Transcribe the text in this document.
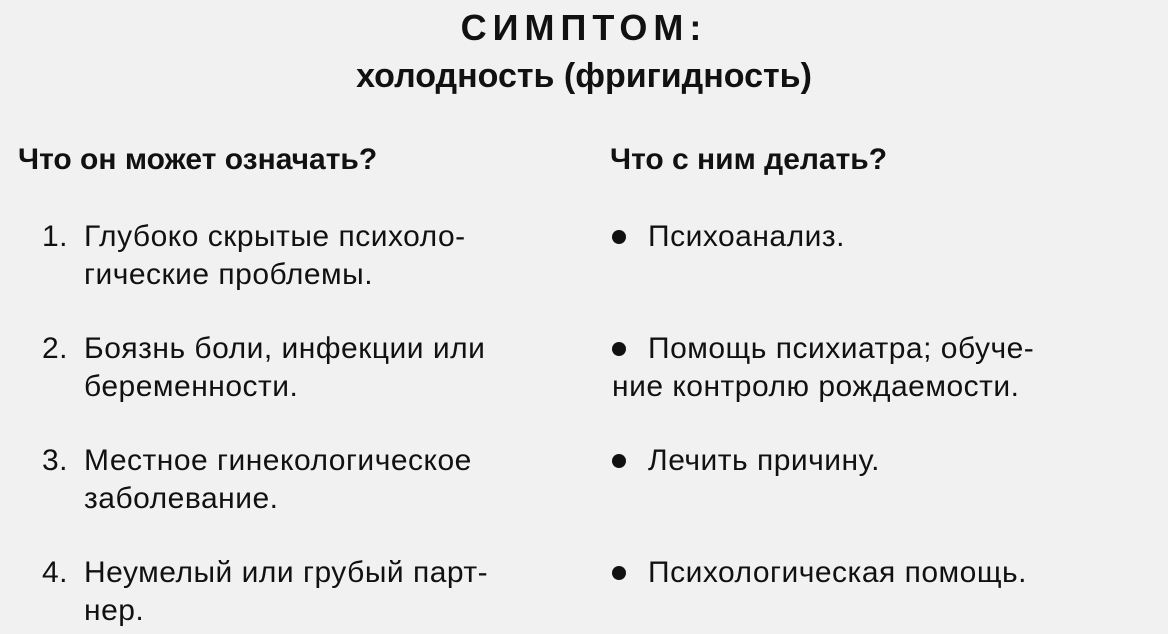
СИМПТОМ:
холодность (фригидность)
Что он может означать?	Что с ним делать?
1. Глубоко скрытые психоло-
гические проблемы.
Психоанализ.
2. Боязнь боли, инфекции или
беременности.
Помощь психиатра; обуче-
ние контролю рождаемости.
3. Местное гинекологическое
заболевание.
Лечить причину.
4. Неумелый или грубый парт-
нер.
Психологическая помощь.
